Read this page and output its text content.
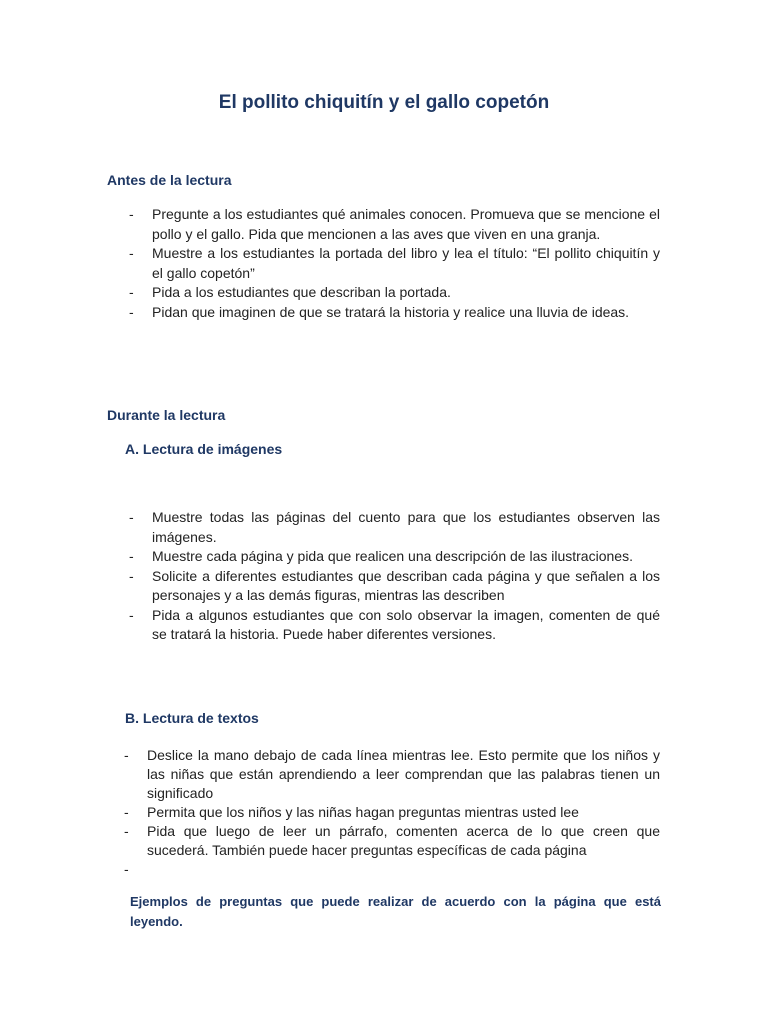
El pollito chiquitín y el gallo copetón
Antes de la lectura
- Pregunte a los estudiantes qué animales conocen. Promueva que se mencione el pollo y el gallo. Pida que mencionen a las aves que viven en una granja.
- Muestre a los estudiantes la portada del libro y lea el título: “El pollito chiquitín y el gallo copetón”
- Pida a los estudiantes que describan la portada.
- Pidan que imaginen de que se tratará la historia y realice una lluvia de ideas.
Durante la lectura
A. Lectura de imágenes
- Muestre todas las páginas del cuento para que los estudiantes observen las imágenes.
- Muestre cada página y pida que realicen una descripción de las ilustraciones.
- Solicite a diferentes estudiantes que describan cada página y que señalen a los personajes y a las demás figuras, mientras las describen
- Pida a algunos estudiantes que con solo observar la imagen, comenten de qué se tratará la historia. Puede haber diferentes versiones.
B. Lectura de textos
- Deslice la mano debajo de cada línea mientras lee. Esto permite que los niños y las niñas que están aprendiendo a leer comprendan que las palabras tienen un significado
- Permita que los niños y las niñas hagan preguntas mientras usted lee
- Pida que luego de leer un párrafo, comenten acerca de lo que creen que sucederá. También puede hacer preguntas específicas de cada página
-

Ejemplos de preguntas que puede realizar de acuerdo con la página que está leyendo.
